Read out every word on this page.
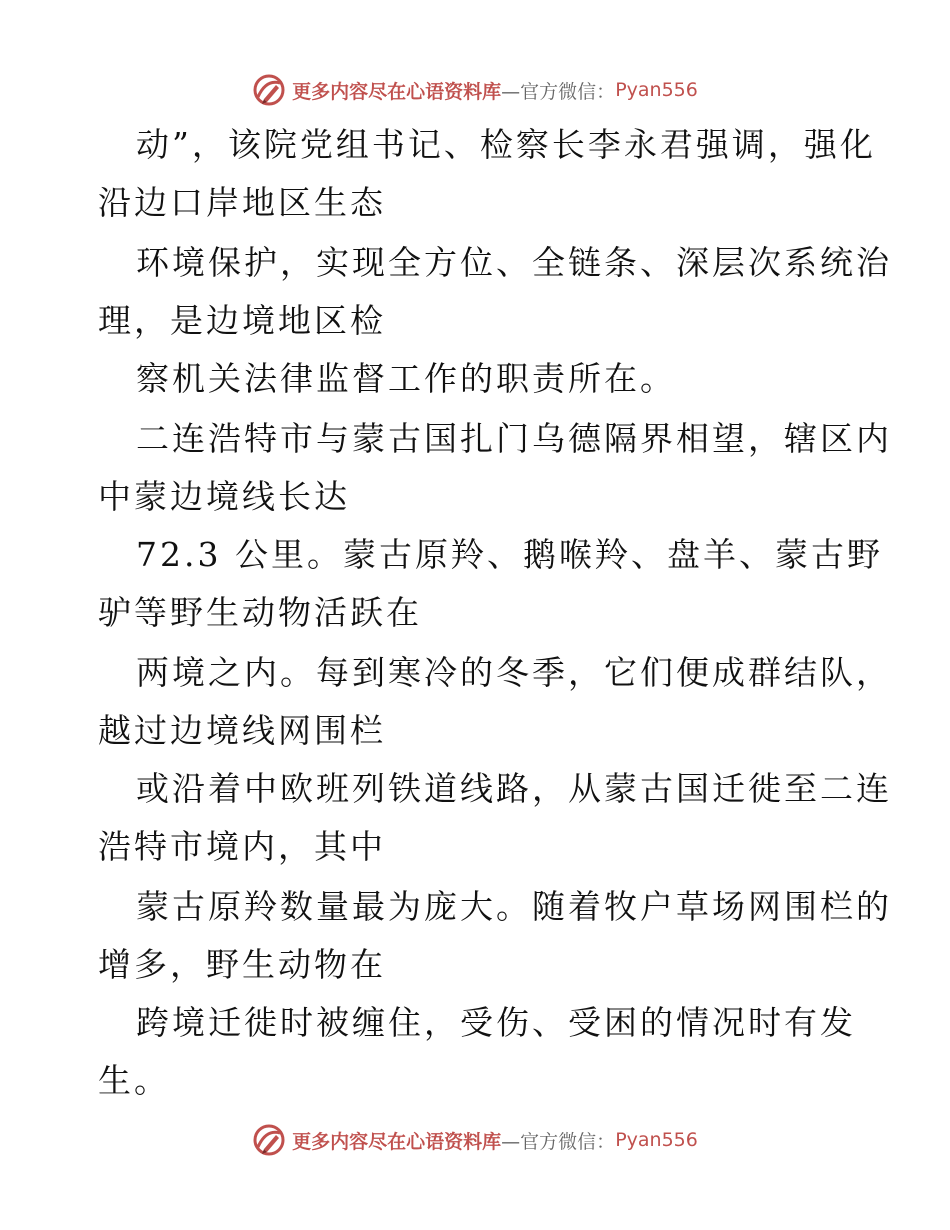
更多内容尽在心语资料库 —官方微信： Pyan556
动”，该院党组书记、检察长李永君强调，强化
沿边口岸地区生态
环境保护，实现全方位、全链条、深层次系统治
理，是边境地区检
察机关法律监督工作的职责所在。
二连浩特市与蒙古国扎门乌德隔界相望，辖区内
中蒙边境线长达
72.3 公里。蒙古原羚、鹅喉羚、盘羊、蒙古野
驴等野生动物活跃在
两境之内。每到寒冷的冬季，它们便成群结队，
越过边境线网围栏
或沿着中欧班列铁道线路，从蒙古国迁徙至二连
浩特市境内，其中
蒙古原羚数量最为庞大。随着牧户草场网围栏的
增多，野生动物在
跨境迁徙时被缠住，受伤、受困的情况时有发
生。
更多内容尽在心语资料库 —官方微信： Pyan556
